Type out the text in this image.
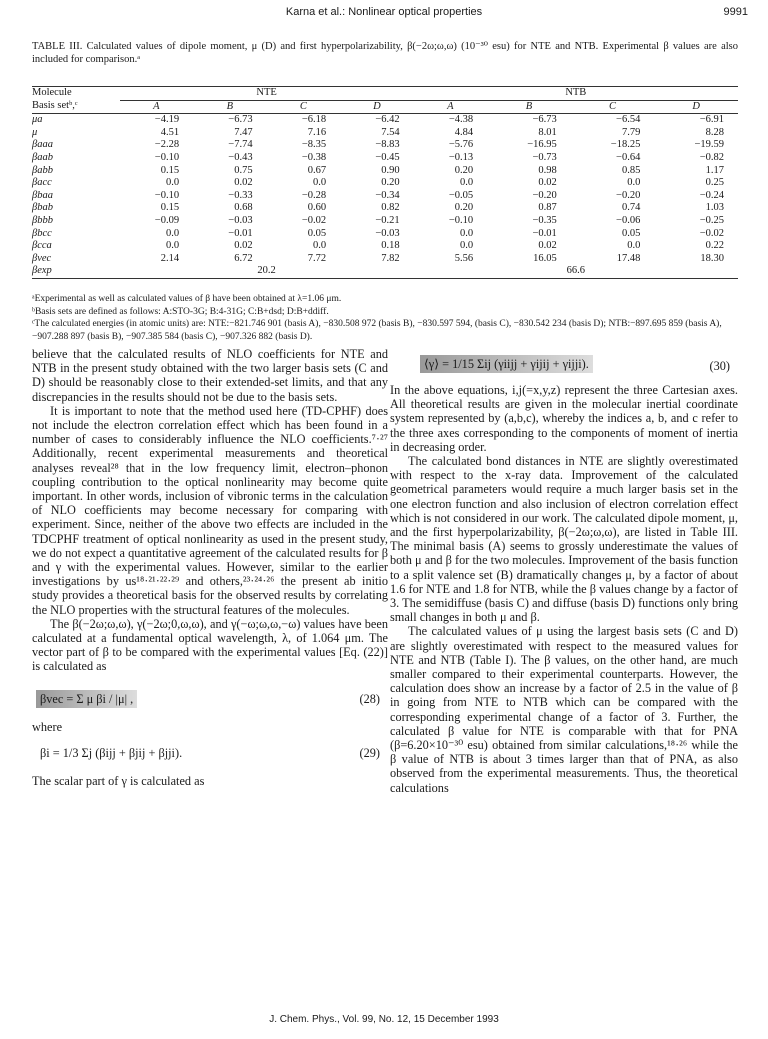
Karna et al.: Nonlinear optical properties	9991
TABLE III. Calculated values of dipole moment, μ (D) and first hyperpolarizability, β(−2ω;ω,ω) (10⁻³⁰ esu) for NTE and NTB. Experimental β values are also included for comparison.ᵃ
Molecule	NTE				NTB			
Basis setᵇ,ᶜ	A	B	C	D	A	B	C	D
μa	−4.19	−6.73	−6.18	−6.42	−4.38	−6.73	−6.54	−6.91
μ	4.51	7.47	7.16	7.54	4.84	8.01	7.79	8.28
βaaa	−2.28	−7.74	−8.35	−8.83	−5.76	−16.95	−18.25	−19.59
βaab	−0.10	−0.43	−0.38	−0.45	−0.13	−0.73	−0.64	−0.82
βabb	0.15	0.75	0.67	0.90	0.20	0.98	0.85	1.17
βacc	0.0	0.02	0.0	0.20	0.0	0.02	0.0	0.25
βbaa	−0.10	−0.33	−0.28	−0.34	−0.05	−0.20	−0.20	−0.24
βbab	0.15	0.68	0.60	0.82	0.20	0.87	0.74	1.03
βbbb	−0.09	−0.03	−0.02	−0.21	−0.10	−0.35	−0.06	−0.25
βbcc	0.0	−0.01	0.05	−0.03	0.0	−0.01	0.05	−0.02
βcca	0.0	0.02	0.0	0.18	0.0	0.02	0.0	0.22
βvec	2.14	6.72	7.72	7.82	5.56	16.05	17.48	18.30
βexp	20.2				66.6			

ᵃExperimental as well as calculated values of β have been obtained at λ=1.06 μm.

ᵇBasis sets are defined as follows: A:STO-3G; B:4-31G; C:B+dsd; D:B+ddiff.

ᶜThe calculated energies (in atomic units) are: NTE:−821.746 901 (basis A), −830.508 972 (basis B), −830.597 594, (basis C), −830.542 234 (basis D); NTB:−897.695 859 (basis A), −907.288 897 (basis B), −907.385 584 (basis C), −907.326 882 (basis D).

believe that the calculated results of NLO coefficients for NTE and NTB in the present study obtained with the two larger basis sets (C and D) should be reasonably close to their extended-set limits, and that any discrepancies in the results should not be due to the basis sets.

It is important to note that the method used here (TD-CPHF) does not include the electron correlation effect which has been found in a number of cases to considerably influence the NLO coefficients.⁷·²⁷ Additionally, recent experimental measurements and theoretical analyses reveal²⁸ that in the low frequency limit, electron–phonon coupling contribution to the optical nonlinearity may become quite important. In other words, inclusion of vibronic terms in the calculation of NLO coefficients may become necessary for comparing with experiment. Since, neither of the above two effects are included in the TDCPHF treatment of optical nonlinearity as used in the present study, we do not expect a quantitative agreement of the calculated results for β and γ with the experimental values. However, similar to the earlier investigations by us¹⁸·²¹·²²·²⁹ and others,²³·²⁴·²⁶ the present ab initio study provides a theoretical basis for the observed results by correlating the NLO properties with the structural features of the molecules.

The β(−2ω;ω,ω), γ(−2ω;0,ω,ω), and γ(−ω;ω,ω,−ω) values have been calculated at a fundamental optical wavelength, λ, of 1.064 μm. The vector part of β to be compared with the experimental values [Eq. (22)] is calculated as

βvec = Σ μ βi / |μ| ,	(28)

where

βi = 1/3 Σj (βijj + βjij + βjji).	(29)

The scalar part of γ is calculated as

⟨γ⟩ = 1/15 Σij (γiijj + γijij + γijji).	(30)

In the above equations, i,j(=x,y,z) represent the three Cartesian axes. All theoretical results are given in the molecular inertial coordinate system represented by (a,b,c), whereby the indices a, b, and c refer to the three axes corresponding to the components of moment of inertia in decreasing order.

The calculated bond distances in NTE are slightly overestimated with respect to the x-ray data. Improvement of the calculated geometrical parameters would require a much larger basis set in the one electron function and also inclusion of electron correlation effect which is not considered in our work. The calculated dipole moment, μ, and the first hyperpolarizability, β(−2ω;ω,ω), are listed in Table III. The minimal basis (A) seems to grossly underestimate the values of both μ and β for the two molecules. Improvement of the basis function to a split valence set (B) dramatically changes μ, by a factor of about 1.6 for NTE and 1.8 for NTB, while the β values change by a factor of 3. The semidiffuse (basis C) and diffuse (basis D) functions only bring small changes in both μ and β.

The calculated values of μ using the largest basis sets (C and D) are slightly overestimated with respect to the measured values for NTE and NTB (Table I). The β values, on the other hand, are much smaller compared to their experimental counterparts. However, the calculation does show an increase by a factor of 2.5 in the value of β in going from NTE to NTB which can be compared with the corresponding experimental change of a factor of 3. Further, the calculated β value for NTE is comparable with that for PNA (β=6.20×10⁻³⁰ esu) obtained from similar calculations,¹⁸·²⁶ while the β value of NTB is about 3 times larger than that of PNA, as also observed from the experimental measurements. Thus, the theoretical calculations

J. Chem. Phys., Vol. 99, No. 12, 15 December 1993
